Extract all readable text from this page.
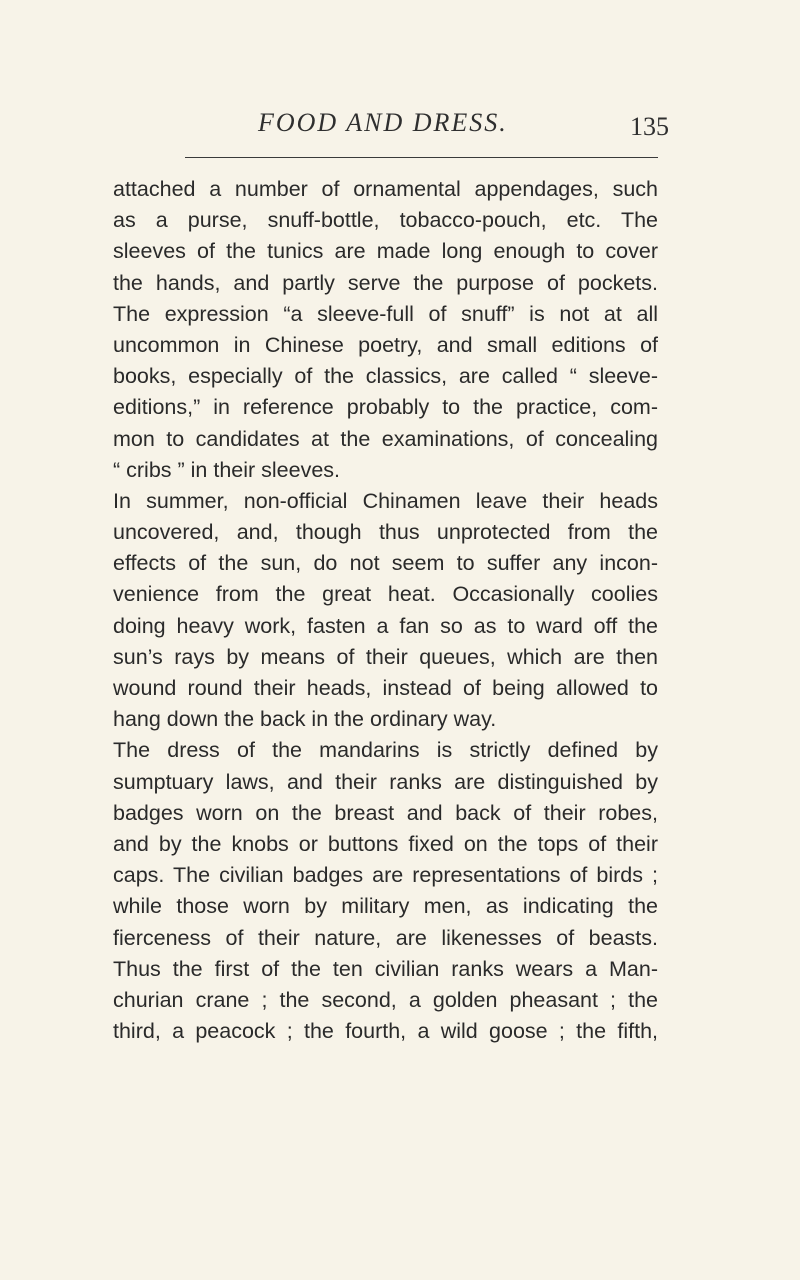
FOOD AND DRESS.	135
attached a number of ornamental appendages, such
as a purse, snuff-bottle, tobacco-pouch, etc. The
sleeves of the tunics are made long enough to cover
the hands, and partly serve the purpose of pockets.
The expression “a sleeve-full of snuff” is not at all
uncommon in Chinese poetry, and small editions of
books, especially of the classics, are called “ sleeve-
editions,” in reference probably to the practice, com-
mon to candidates at the examinations, of concealing
“ cribs ” in their sleeves.
In summer, non-official Chinamen leave their heads
uncovered, and, though thus unprotected from the
effects of the sun, do not seem to suffer any incon-
venience from the great heat. Occasionally coolies
doing heavy work, fasten a fan so as to ward off the
sun’s rays by means of their queues, which are then
wound round their heads, instead of being allowed to
hang down the back in the ordinary way.
The dress of the mandarins is strictly defined by
sumptuary laws, and their ranks are distinguished by
badges worn on the breast and back of their robes,
and by the knobs or buttons fixed on the tops of their
caps. The civilian badges are representations of birds ;
while those worn by military men, as indicating the
fierceness of their nature, are likenesses of beasts.
Thus the first of the ten civilian ranks wears a Man-
churian crane ; the second, a golden pheasant ; the
third, a peacock ; the fourth, a wild goose ; the fifth,
